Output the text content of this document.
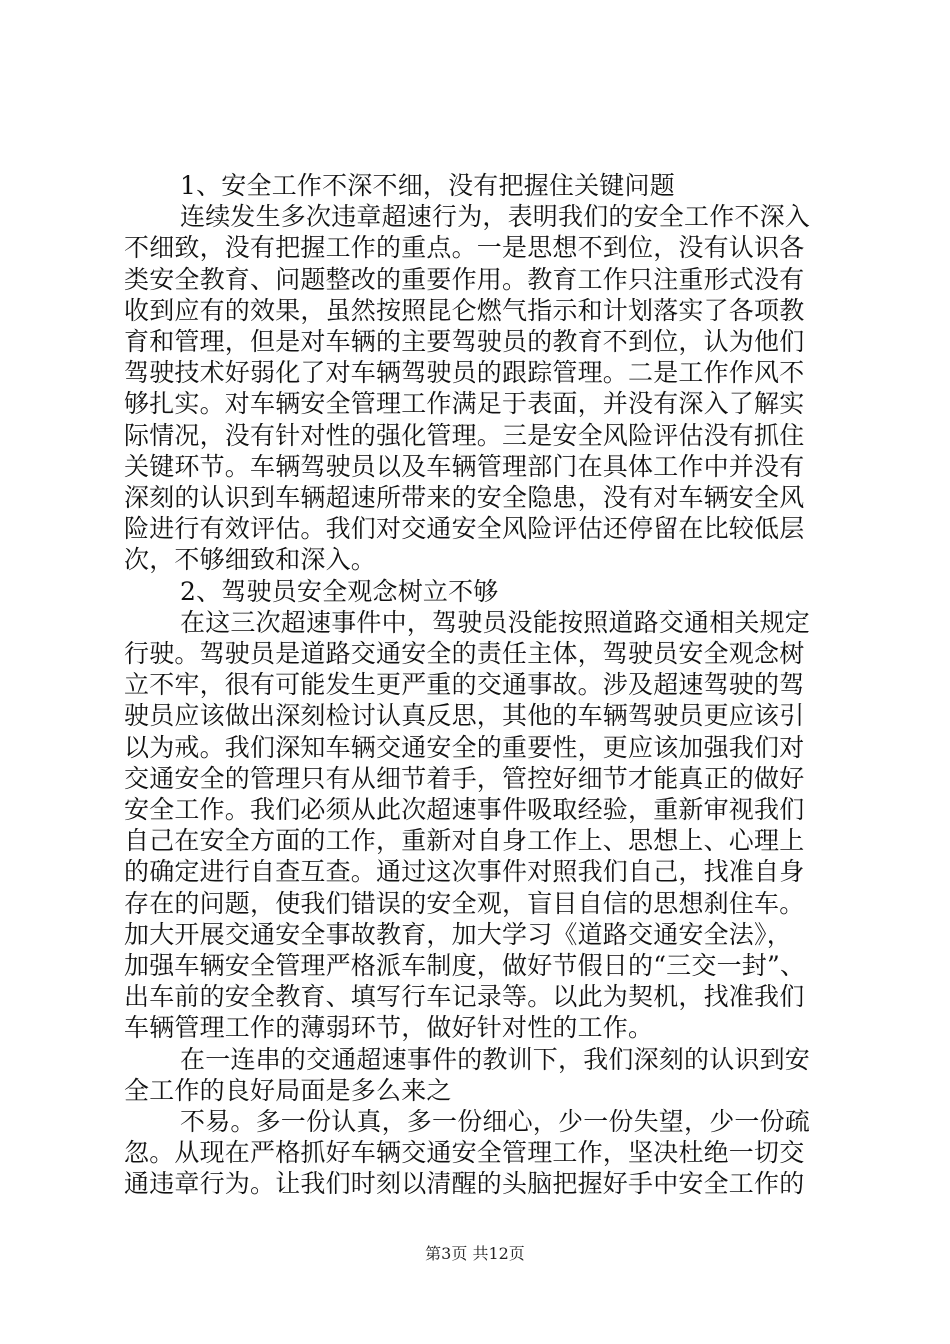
1、安全工作不深不细，没有把握住关键问题
连续发生多次违章超速行为，表明我们的安全工作不深入
不细致，没有把握工作的重点。一是思想不到位，没有认识各
类安全教育、问题整改的重要作用。教育工作只注重形式没有
收到应有的效果，虽然按照昆仑燃气指示和计划落实了各项教
育和管理，但是对车辆的主要驾驶员的教育不到位，认为他们
驾驶技术好弱化了对车辆驾驶员的跟踪管理。二是工作作风不
够扎实。对车辆安全管理工作满足于表面，并没有深入了解实
际情况，没有针对性的强化管理。三是安全风险评估没有抓住
关键环节。车辆驾驶员以及车辆管理部门在具体工作中并没有
深刻的认识到车辆超速所带来的安全隐患，没有对车辆安全风
险进行有效评估。我们对交通安全风险评估还停留在比较低层
次，不够细致和深入。
2、驾驶员安全观念树立不够
在这三次超速事件中，驾驶员没能按照道路交通相关规定
行驶。驾驶员是道路交通安全的责任主体，驾驶员安全观念树
立不牢，很有可能发生更严重的交通事故。涉及超速驾驶的驾
驶员应该做出深刻检讨认真反思，其他的车辆驾驶员更应该引
以为戒。我们深知车辆交通安全的重要性，更应该加强我们对
交通安全的管理只有从细节着手，管控好细节才能真正的做好
安全工作。我们必须从此次超速事件吸取经验，重新审视我们
自己在安全方面的工作，重新对自身工作上、思想上、心理上
的确定进行自查互查。通过这次事件对照我们自己，找准自身
存在的问题，使我们错误的安全观，盲目自信的思想刹住车。
加大开展交通安全事故教育，加大学习《道路交通安全法》，
加强车辆安全管理严格派车制度，做好节假日的“三交一封”、
出车前的安全教育、填写行车记录等。以此为契机，找准我们
车辆管理工作的薄弱环节，做好针对性的工作。
在一连串的交通超速事件的教训下，我们深刻的认识到安
全工作的良好局面是多么来之
不易。多一份认真，多一份细心，少一份失望，少一份疏
忽。从现在严格抓好车辆交通安全管理工作，坚决杜绝一切交
通违章行为。让我们时刻以清醒的头脑把握好手中安全工作的
第3页 共12页
